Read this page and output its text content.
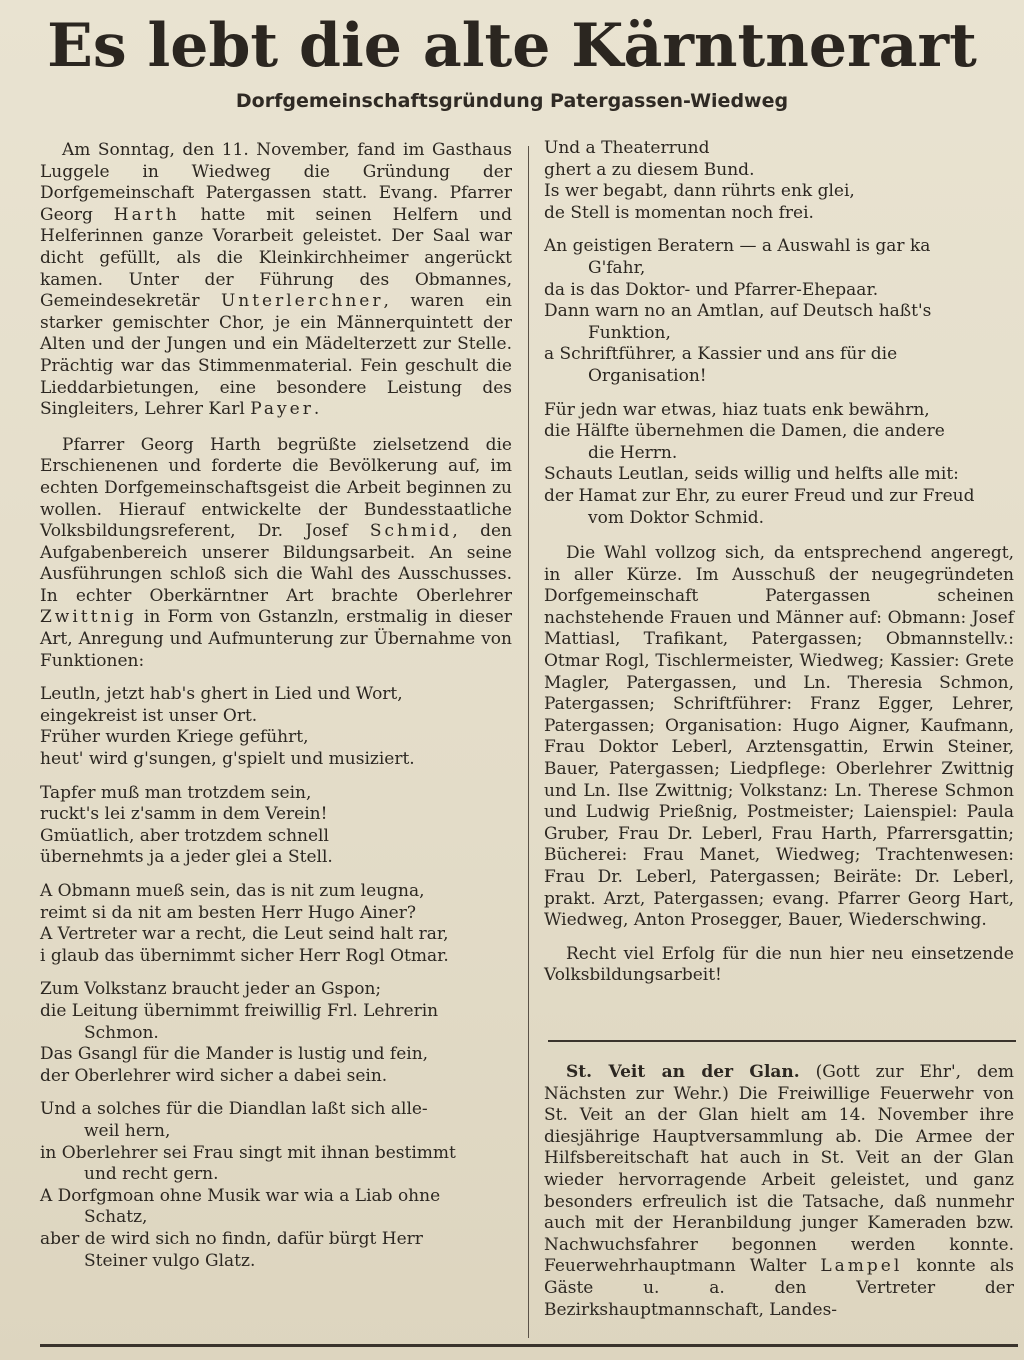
Es lebt die alte Kärntnerart
Dorfgemeinschaftsgründung Patergassen-Wiedweg

Am Sonntag, den 11. November, fand im Gasthaus Luggele in Wiedweg die Gründung der Dorfgemeinschaft Patergassen statt. Evang. Pfarrer Georg Harth hatte mit seinen Helfern und Helferinnen ganze Vorarbeit geleistet. Der Saal war dicht gefüllt, als die Kleinkirchheimer angerückt kamen. Unter der Führung des Obmannes, Gemeindesekretär Unterlerchner, waren ein starker gemischter Chor, je ein Männerquintett der Alten und der Jungen und ein Mädelterzett zur Stelle. Prächtig war das Stimmenmaterial. Fein geschult die Lieddarbietungen, eine besondere Leistung des Singleiters, Lehrer Karl Payer.

Pfarrer Georg Harth begrüßte zielsetzend die Erschienenen und forderte die Bevölkerung auf, im echten Dorfgemeinschaftsgeist die Arbeit beginnen zu wollen. Hierauf entwickelte der Bundesstaatliche Volksbildungsreferent, Dr. Josef Schmid, den Aufgabenbereich unserer Bildungsarbeit. An seine Ausführungen schloß sich die Wahl des Ausschusses. In echter Oberkärntner Art brachte Oberlehrer Zwittnig in Form von Gstanzln, erstmalig in dieser Art, Anregung und Aufmunterung zur Übernahme von Funktionen:

Leutln, jetzt hab's ghert in Lied und Wort,
eingekreist ist unser Ort.
Früher wurden Kriege geführt,
heut' wird g'sungen, g'spielt und musiziert.
Tapfer muß man trotzdem sein,
ruckt's lei z'samm in dem Verein!
Gmüatlich, aber trotzdem schnell
übernehmts ja a jeder glei a Stell.
A Obmann mueß sein, das is nit zum leugna,
reimt si da nit am besten Herr Hugo Ainer?
A Vertreter war a recht, die Leut seind halt rar,
i glaub das übernimmt sicher Herr Rogl Otmar.
Zum Volkstanz braucht jeder an Gspon;
die Leitung übernimmt freiwillig Frl. Lehrerin
Schmon.
Das Gsangl für die Mander is lustig und fein,
der Oberlehrer wird sicher a dabei sein.
Und a solches für die Diandlan laßt sich alle-
weil hern,
in Oberlehrer sei Frau singt mit ihnan bestimmt
und recht gern.
A Dorfgmoan ohne Musik war wia a Liab ohne
Schatz,
aber de wird sich no findn, dafür bürgt Herr
Steiner vulgo Glatz.
Und a Theaterrund
ghert a zu diesem Bund.
Is wer begabt, dann rührts enk glei,
de Stell is momentan noch frei.
An geistigen Beratern — a Auswahl is gar ka
G'fahr,
da is das Doktor- und Pfarrer-Ehepaar.
Dann warn no an Amtlan, auf Deutsch haßt's
Funktion,
a Schriftführer, a Kassier und ans für die
Organisation!
Für jedn war etwas, hiaz tuats enk bewährn,
die Hälfte übernehmen die Damen, die andere
die Herrn.
Schauts Leutlan, seids willig und helfts alle mit:
der Hamat zur Ehr, zu eurer Freud und zur Freud
vom Doktor Schmid.

Die Wahl vollzog sich, da entsprechend angeregt, in aller Kürze. Im Ausschuß der neugegründeten Dorfgemeinschaft Patergassen scheinen nachstehende Frauen und Männer auf: Obmann: Josef Mattiasl, Trafikant, Patergassen; Obmannstellv.: Otmar Rogl, Tischlermeister, Wiedweg; Kassier: Grete Magler, Patergassen, und Ln. Theresia Schmon, Patergassen; Schriftführer: Franz Egger, Lehrer, Patergassen; Organisation: Hugo Aigner, Kaufmann, Frau Doktor Leberl, Arztensgattin, Erwin Steiner, Bauer, Patergassen; Liedpflege: Oberlehrer Zwittnig und Ln. Ilse Zwittnig; Volkstanz: Ln. Therese Schmon und Ludwig Prießnig, Postmeister; Laienspiel: Paula Gruber, Frau Dr. Leberl, Frau Harth, Pfarrersgattin; Bücherei: Frau Manet, Wiedweg; Trachtenwesen: Frau Dr. Leberl, Patergassen; Beiräte: Dr. Leberl, prakt. Arzt, Patergassen; evang. Pfarrer Georg Hart, Wiedweg, Anton Prosegger, Bauer, Wiederschwing.

Recht viel Erfolg für die nun hier neu einsetzende Volksbildungsarbeit!

St. Veit an der Glan. (Gott zur Ehr', dem Nächsten zur Wehr.) Die Freiwillige Feuerwehr von St. Veit an der Glan hielt am 14. November ihre diesjährige Hauptversammlung ab. Die Armee der Hilfsbereitschaft hat auch in St. Veit an der Glan wieder hervorragende Arbeit geleistet, und ganz besonders erfreulich ist die Tatsache, daß nunmehr auch mit der Heranbildung junger Kameraden bzw. Nachwuchsfahrer begonnen werden konnte. Feuerwehrhauptmann Walter Lampel konnte als Gäste u. a. den Vertreter der Bezirkshauptmannschaft, Landes-
